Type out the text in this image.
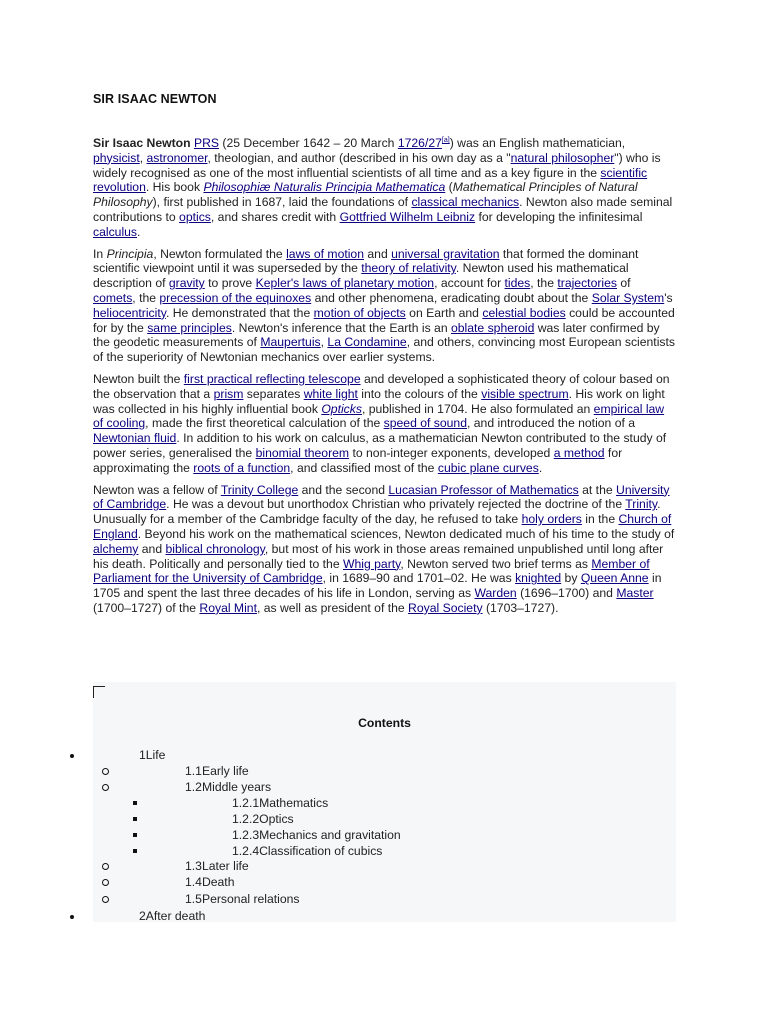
SIR ISAAC NEWTON

Sir Isaac Newton PRS (25 December 1642 – 20 March 1726/27[a]) was an English mathematician, physicist, astronomer, theologian, and author (described in his own day as a "natural philosopher") who is widely recognised as one of the most influential scientists of all time and as a key figure in the scientific revolution. His book Philosophiæ Naturalis Principia Mathematica (Mathematical Principles of Natural Philosophy), first published in 1687, laid the foundations of classical mechanics. Newton also made seminal contributions to optics, and shares credit with Gottfried Wilhelm Leibniz for developing the infinitesimal calculus.

In Principia, Newton formulated the laws of motion and universal gravitation that formed the dominant scientific viewpoint until it was superseded by the theory of relativity. Newton used his mathematical description of gravity to prove Kepler's laws of planetary motion, account for tides, the trajectories of comets, the precession of the equinoxes and other phenomena, eradicating doubt about the Solar System's heliocentricity. He demonstrated that the motion of objects on Earth and celestial bodies could be accounted for by the same principles. Newton's inference that the Earth is an oblate spheroid was later confirmed by the geodetic measurements of Maupertuis, La Condamine, and others, convincing most European scientists of the superiority of Newtonian mechanics over earlier systems.

Newton built the first practical reflecting telescope and developed a sophisticated theory of colour based on the observation that a prism separates white light into the colours of the visible spectrum. His work on light was collected in his highly influential book Opticks, published in 1704. He also formulated an empirical law of cooling, made the first theoretical calculation of the speed of sound, and introduced the notion of a Newtonian fluid. In addition to his work on calculus, as a mathematician Newton contributed to the study of power series, generalised the binomial theorem to non-integer exponents, developed a method for approximating the roots of a function, and classified most of the cubic plane curves.

Newton was a fellow of Trinity College and the second Lucasian Professor of Mathematics at the University of Cambridge. He was a devout but unorthodox Christian who privately rejected the doctrine of the Trinity. Unusually for a member of the Cambridge faculty of the day, he refused to take holy orders in the Church of England. Beyond his work on the mathematical sciences, Newton dedicated much of his time to the study of alchemy and biblical chronology, but most of his work in those areas remained unpublished until long after his death. Politically and personally tied to the Whig party, Newton served two brief terms as Member of Parliament for the University of Cambridge, in 1689–90 and 1701–02. He was knighted by Queen Anne in 1705 and spent the last three decades of his life in London, serving as Warden (1696–1700) and Master (1700–1727) of the Royal Mint, as well as president of the Royal Society (1703–1727).

Contents
1Life
1.1Early life
1.2Middle years
1.2.1Mathematics
1.2.2Optics
1.2.3Mechanics and gravitation
1.2.4Classification of cubics
1.3Later life
1.4Death
1.5Personal relations
2After death
